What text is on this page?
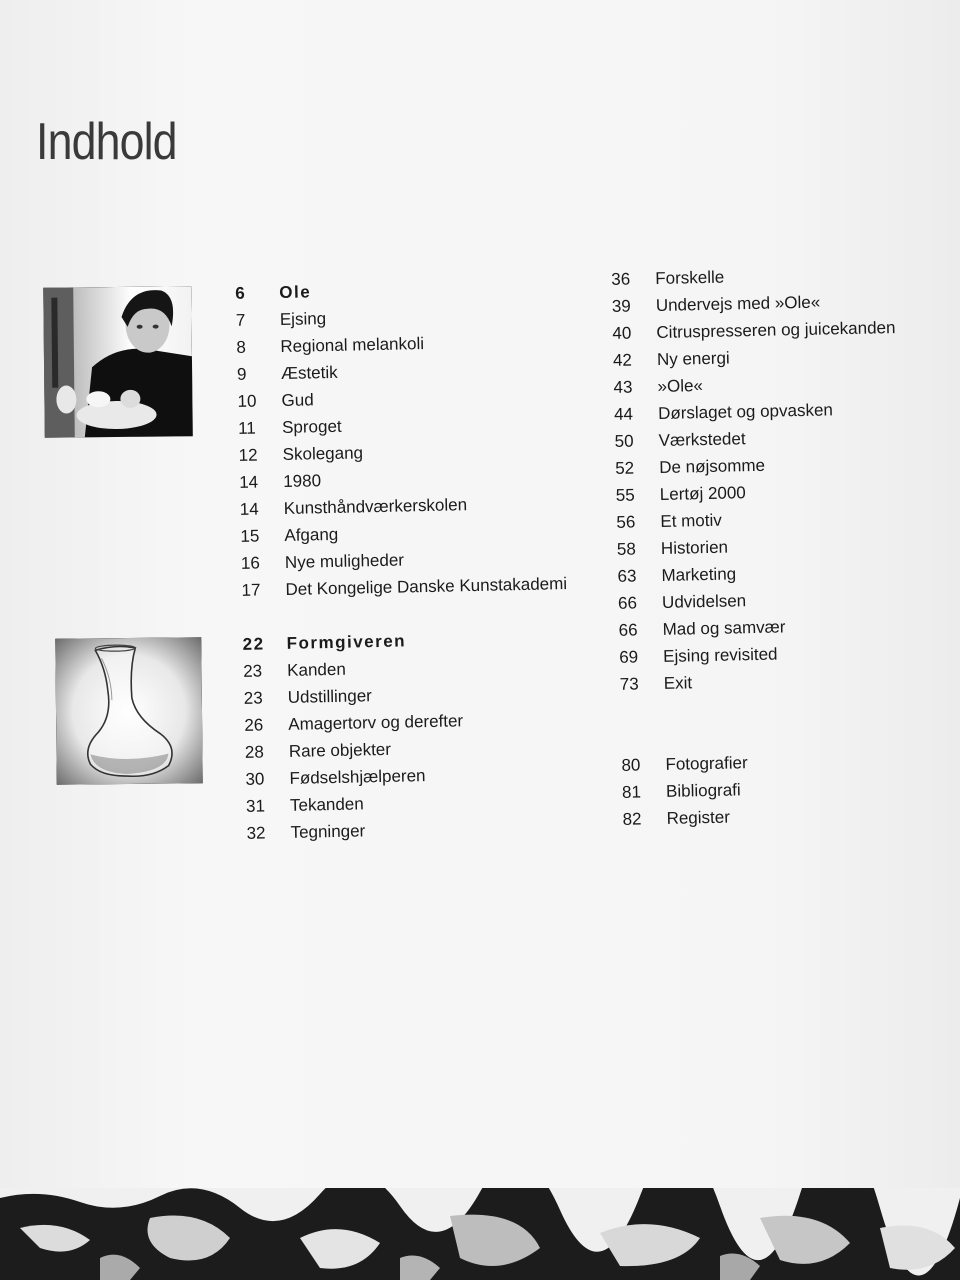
Indhold
6	Ole
7	Ejsing
8	Regional melankoli
9	Æstetik
10	Gud
11	Sproget
12	Skolegang
14	1980
14	Kunsthåndværkerskolen
15	Afgang
16	Nye muligheder
17	Det Kongelige Danske Kunstakademi
22	Formgiveren
23	Kanden
23	Udstillinger
26	Amagertorv og derefter
28	Rare objekter
30	Fødselshjælperen
31	Tekanden
32	Tegninger
36	Forskelle
39	Undervejs med »Ole«
40	Citruspresseren og juicekanden
42	Ny energi
43	»Ole«
44	Dørslaget og opvasken
50	Værkstedet
52	De nøjsomme
55	Lertøj 2000
56	Et motiv
58	Historien
63	Marketing
66	Udvidelsen
66	Mad og samvær
69	Ejsing revisited
73	Exit
80	Fotografier
81	Bibliografi
82	Register
